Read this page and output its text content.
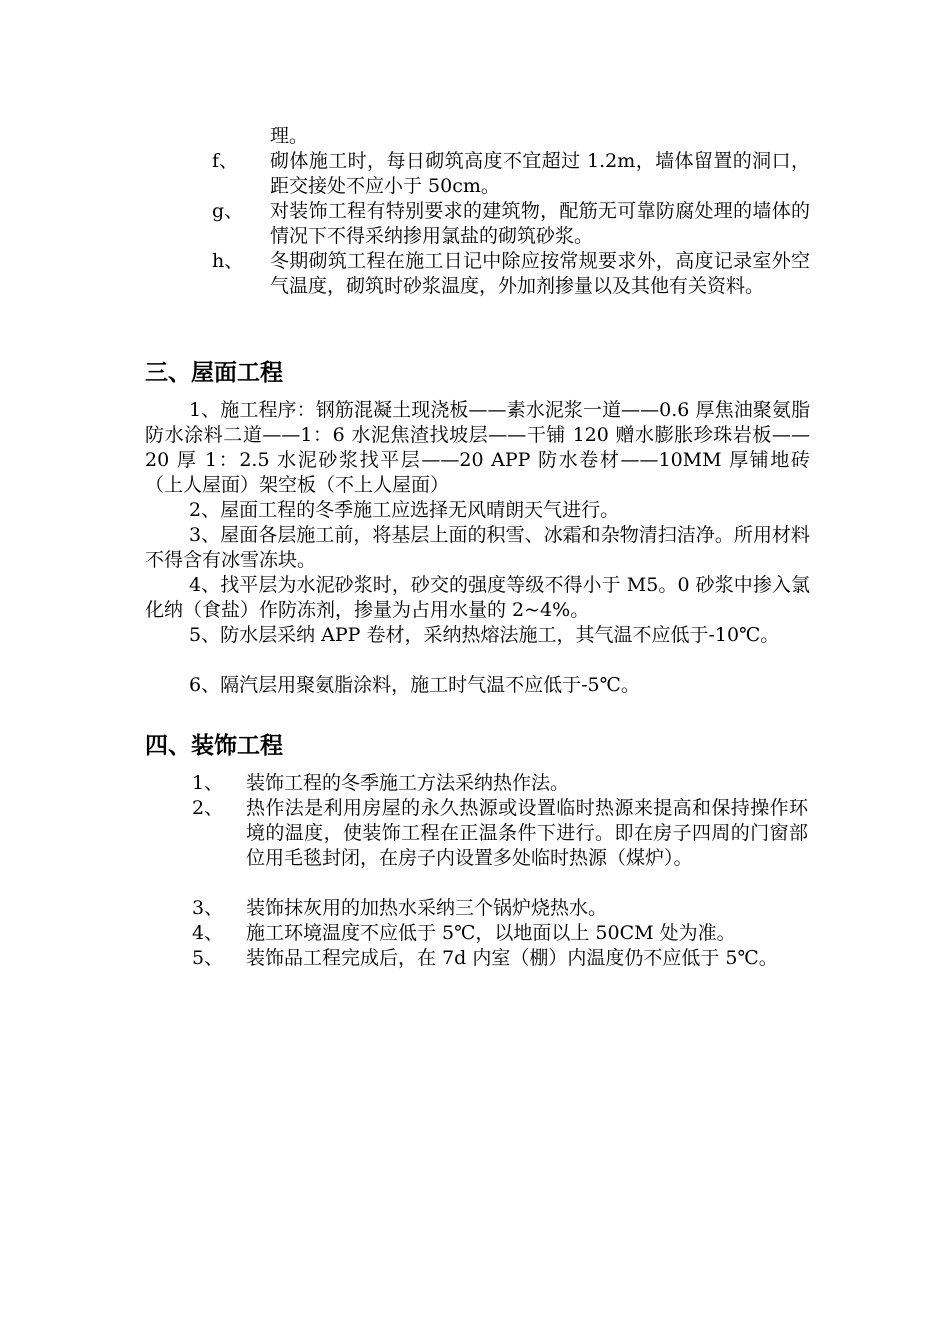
理。
f、 砌体施工时，每日砌筑高度不宜超过 1.2m，墙体留置的洞口，距交接处不应小于 50cm。
g、 对装饰工程有特别要求的建筑物，配筋无可靠防腐处理的墙体的情况下不得采纳掺用氯盐的砌筑砂浆。
h、 冬期砌筑工程在施工日记中除应按常规要求外，高度记录室外空气温度，砌筑时砂浆温度，外加剂掺量以及其他有关资料。
三、屋面工程
1、施工程序：钢筋混凝土现浇板——素水泥浆一道——0.6 厚焦油聚氨脂防水涂料二道——1：6 水泥焦渣找坡层——干铺 120 赠水膨胀珍珠岩板——20 厚 1：2.5 水泥砂浆找平层——20 APP 防水卷材——10MM 厚铺地砖（上人屋面）架空板（不上人屋面）
2、屋面工程的冬季施工应选择无风晴朗天气进行。
3、屋面各层施工前，将基层上面的积雪、冰霜和杂物清扫洁净。所用材料不得含有冰雪冻块。
4、找平层为水泥砂浆时，砂交的强度等级不得小于 M5。0 砂浆中掺入氯化纳（食盐）作防冻剂，掺量为占用水量的 2~4%。
5、防水层采纳 APP 卷材，采纳热熔法施工，其气温不应低于-10℃。
6、隔汽层用聚氨脂涂料，施工时气温不应低于-5℃。
四、装饰工程
1、 装饰工程的冬季施工方法采纳热作法。
2、 热作法是利用房屋的永久热源或设置临时热源来提高和保持操作环境的温度，使装饰工程在正温条件下进行。即在房子四周的门窗部位用毛毯封闭，在房子内设置多处临时热源（煤炉）。
3、 装饰抹灰用的加热水采纳三个锅炉烧热水。
4、 施工环境温度不应低于 5℃，以地面以上 50CM 处为准。
5、 装饰品工程完成后，在 7d 内室（棚）内温度仍不应低于 5℃。
